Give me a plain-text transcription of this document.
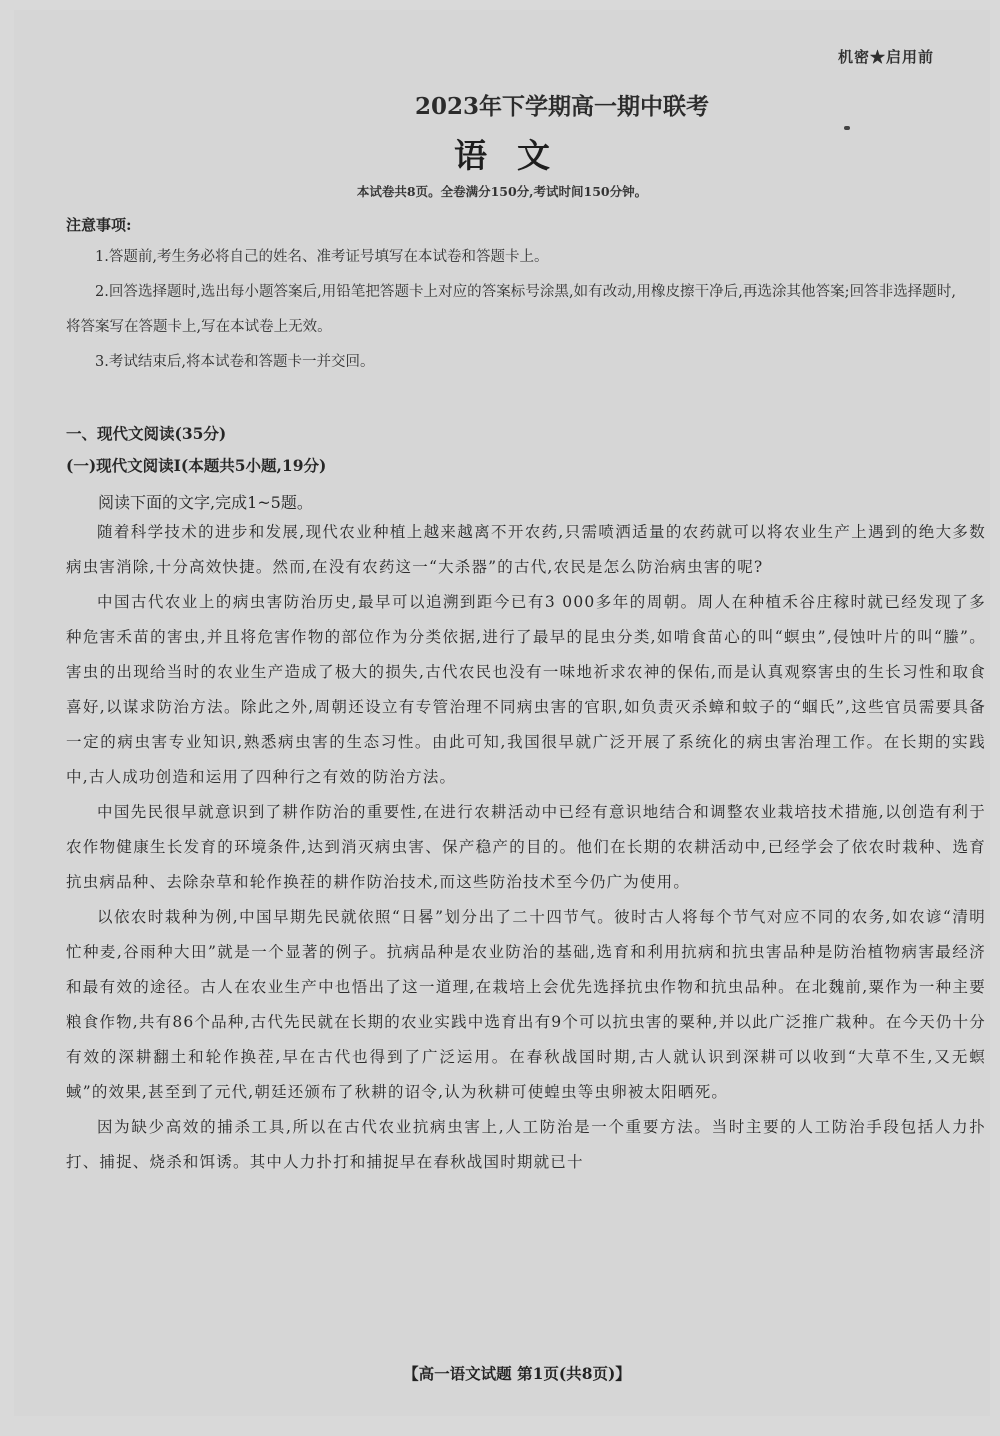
机密★启用前
2023年下学期高一期中联考
语文
本试卷共8页。全卷满分150分,考试时间150分钟。
注意事项:

1.答题前,考生务必将自己的姓名、准考证号填写在本试卷和答题卡上。

2.回答选择题时,选出每小题答案后,用铅笔把答题卡上对应的答案标号涂黑,如有改动,用橡皮擦干净后,再选涂其他答案;回答非选择题时,将答案写在答题卡上,写在本试卷上无效。

3.考试结束后,将本试卷和答题卡一并交回。

一、现代文阅读(35分)
(一)现代文阅读Ⅰ(本题共5小题,19分)
阅读下面的文字,完成1~5题。

随着科学技术的进步和发展,现代农业种植上越来越离不开农药,只需喷洒适量的农药就可以将农业生产上遇到的绝大多数病虫害消除,十分高效快捷。然而,在没有农药这一“大杀器”的古代,农民是怎么防治病虫害的呢?

中国古代农业上的病虫害防治历史,最早可以追溯到距今已有3 000多年的周朝。周人在种植禾谷庄稼时就已经发现了多种危害禾苗的害虫,并且将危害作物的部位作为分类依据,进行了最早的昆虫分类,如啃食苗心的叫“螟虫”,侵蚀叶片的叫“螣”。害虫的出现给当时的农业生产造成了极大的损失,古代农民也没有一味地祈求农神的保佑,而是认真观察害虫的生长习性和取食喜好,以谋求防治方法。除此之外,周朝还设立有专管治理不同病虫害的官职,如负责灭杀蟑和蚊子的“蝈氏”,这些官员需要具备一定的病虫害专业知识,熟悉病虫害的生态习性。由此可知,我国很早就广泛开展了系统化的病虫害治理工作。在长期的实践中,古人成功创造和运用了四种行之有效的防治方法。

中国先民很早就意识到了耕作防治的重要性,在进行农耕活动中已经有意识地结合和调整农业栽培技术措施,以创造有利于农作物健康生长发育的环境条件,达到消灭病虫害、保产稳产的目的。他们在长期的农耕活动中,已经学会了依农时栽种、选育抗虫病品种、去除杂草和轮作换茬的耕作防治技术,而这些防治技术至今仍广为使用。

以依农时栽种为例,中国早期先民就依照“日晷”划分出了二十四节气。彼时古人将每个节气对应不同的农务,如农谚“清明忙种麦,谷雨种大田”就是一个显著的例子。抗病品种是农业防治的基础,选育和利用抗病和抗虫害品种是防治植物病害最经济和最有效的途径。古人在农业生产中也悟出了这一道理,在栽培上会优先选择抗虫作物和抗虫品种。在北魏前,粟作为一种主要粮食作物,共有86个品种,古代先民就在长期的农业实践中选育出有9个可以抗虫害的粟种,并以此广泛推广栽种。在今天仍十分有效的深耕翻土和轮作换茬,早在古代也得到了广泛运用。在春秋战国时期,古人就认识到深耕可以收到“大草不生,又无螟蜮”的效果,甚至到了元代,朝廷还颁布了秋耕的诏令,认为秋耕可使蝗虫等虫卵被太阳晒死。

因为缺少高效的捕杀工具,所以在古代农业抗病虫害上,人工防治是一个重要方法。当时主要的人工防治手段包括人力扑打、捕捉、烧杀和饵诱。其中人力扑打和捕捉早在春秋战国时期就已十

【高一语文试题 第1页(共8页)】
